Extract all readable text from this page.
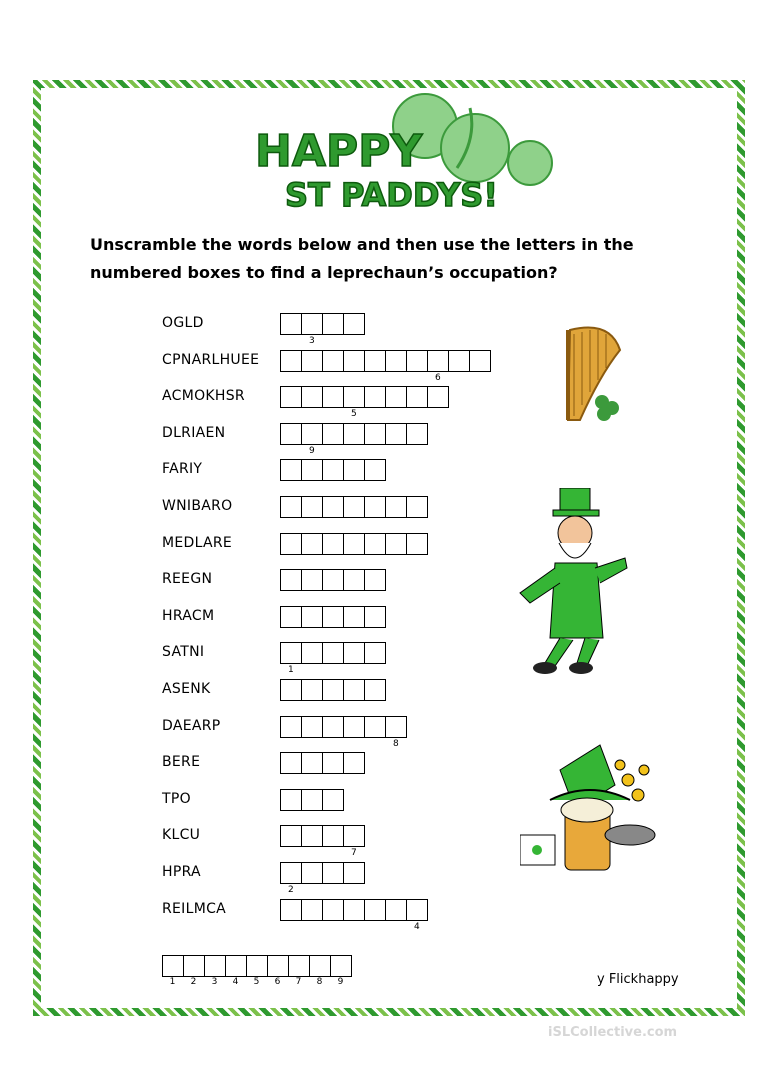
HAPPY
ST PADDYS!
Unscramble the words below and then use the letters in the
numbered boxes to find a leprechaun’s occupation?
OGLD
3
CPNARLHUEE
6
ACMOKHSR
5
DLRIAEN
9
FARIY
WNIBARO
MEDLARE
REEGN
HRACM
SATNI
1
ASENK
DAEARP
8
BERE
TPO
KLCU
7
HPRA
2
REILMCA
4
1	2	3	4	5	6	7	8	9	y Flickhappy
iSLCollective.com
